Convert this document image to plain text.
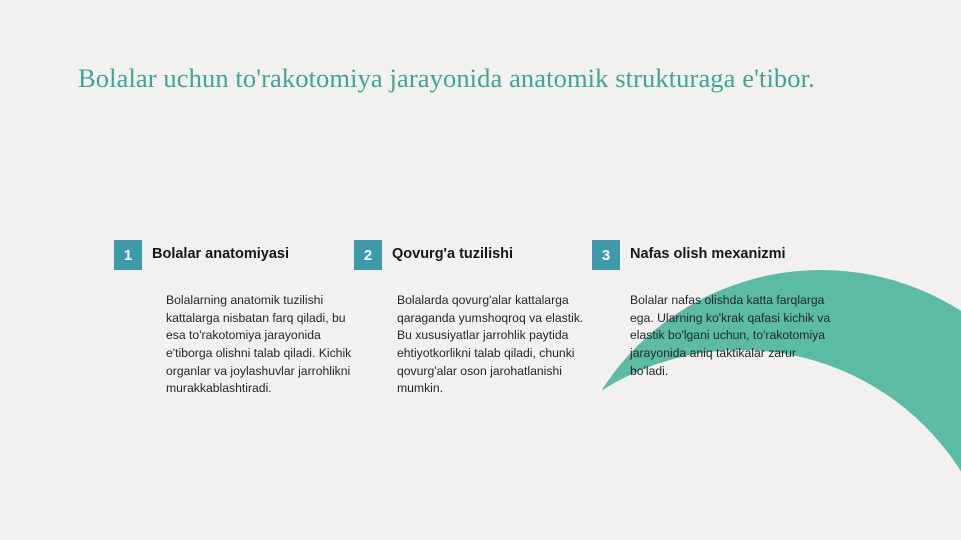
Bolalar uchun to'rakotomiya jarayonida anatomik strukturaga e'tibor.
1	Bolalar anatomiyasi
Bolalarning anatomik tuzilishi kattalarga nisbatan farq qiladi, bu esa to'rakotomiya jarayonida e'tiborga olishni talab qiladi. Kichik organlar va joylashuvlar jarrohlikni murakkablashtiradi.
2	Qovurg'a tuzilishi
Bolalarda qovurg'alar kattalarga qaraganda yumshoqroq va elastik. Bu xususiyatlar jarrohlik paytida ehtiyotkorlikni talab qiladi, chunki qovurg'alar oson jarohatlanishi mumkin.
3	Nafas olish mexanizmi
Bolalar nafas olishda katta farqlarga ega. Ularning ko'krak qafasi kichik va elastik bo'lgani uchun, to'rakotomiya jarayonida aniq taktikalar zarur bo'ladi.
